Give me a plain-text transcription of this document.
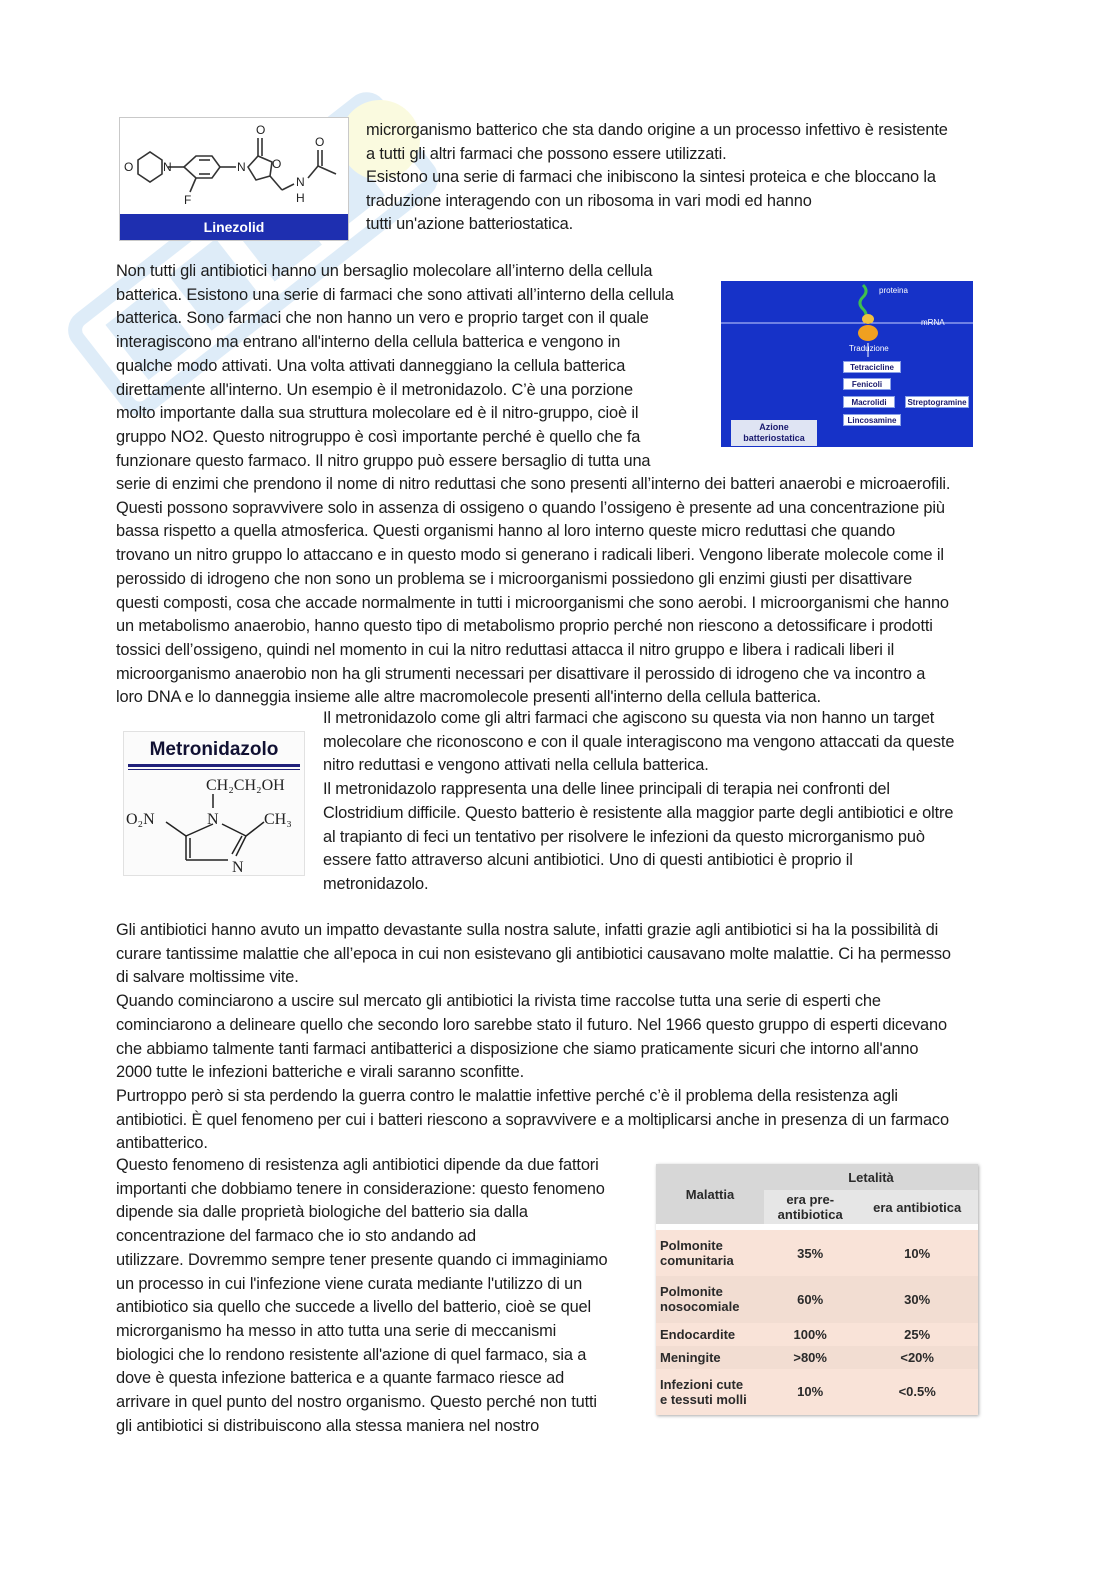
O N
F
N
O
O
N
H
O
Linezolid

microrganismo batterico che sta dando origine a un processo infettivo è resistente
a tutti gli altri farmaci che possono essere utilizzati.

Esistono una serie di farmaci che inibiscono la sintesi proteica e che bloccano la
traduzione interagendo con un ribosoma in vari modi ed hanno
tutti un'azione batteriostatica.

proteina
mRNA
Traduzione
Tetracicline
Fenicoli
Macrolidi	Streptogramine
Lincosamine
Azione
batteriostatica

Non tutti gli antibiotici hanno un bersaglio molecolare all’interno della cellula
batterica. Esistono una serie di farmaci che sono attivati all’interno della cellula
batterica. Sono farmaci che non hanno un vero e proprio target con il quale
interagiscono ma entrano all'interno della cellula batterica e vengono in
qualche modo attivati. Una volta attivati danneggiano la cellula batterica
direttamente all'interno. Un esempio è il metronidazolo. C’è una porzione
molto importante dalla sua struttura molecolare ed è il nitro-gruppo, cioè il
gruppo NO2. Questo nitrogruppo è così importante perché è quello che fa
funzionare questo farmaco. Il nitro gruppo può essere bersaglio di tutta una

serie di enzimi che prendono il nome di nitro reduttasi che sono presenti all’interno dei batteri anaerobi e microaerofili.
Questi possono sopravvivere solo in assenza di ossigeno o quando l’ossigeno è presente ad una concentrazione più
bassa rispetto a quella atmosferica. Questi organismi hanno al loro interno queste micro reduttasi che quando
trovano un nitro gruppo lo attaccano e in questo modo si generano i radicali liberi. Vengono liberate molecole come il
perossido di idrogeno che non sono un problema se i microorganismi possiedono gli enzimi giusti per disattivare
questi composti, cosa che accade normalmente in tutti i microorganismi che sono aerobi. I microorganismi che hanno
un metabolismo anaerobio, hanno questo tipo di metabolismo proprio perché non riescono a detossificare i prodotti
tossici dell’ossigeno, quindi nel momento in cui la nitro reduttasi attacca il nitro gruppo e libera i radicali liberi il
microorganismo anaerobio non ha gli strumenti necessari per disattivare il perossido di idrogeno che va incontro a
loro DNA e lo danneggia insieme alle altre macromolecole presenti all'interno della cellula batterica.

Metronidazolo
CH₂CH₂OH
O₂N	N
N
CH₃

Il metronidazolo come gli altri farmaci che agiscono su questa via non hanno un target
molecolare che riconoscono e con il quale interagiscono ma vengono attaccati da queste
nitro reduttasi e vengono attivati nella cellula batterica.
Il metronidazolo rappresenta una delle linee principali di terapia nei confronti del
Clostridium difficile. Questo batterio è resistente alla maggior parte degli antibiotici e oltre
al trapianto di feci un tentativo per risolvere le infezioni da questo microrganismo può
essere fatto attraverso alcuni antibiotici. Uno di questi antibiotici è proprio il
metronidazolo.

Gli antibiotici hanno avuto un impatto devastante sulla nostra salute, infatti grazie agli antibiotici si ha la possibilità di
curare tantissime malattie che all’epoca in cui non esistevano gli antibiotici causavano molte malattie. Ci ha permesso
di salvare moltissime vite.
Quando cominciarono a uscire sul mercato gli antibiotici la rivista time raccolse tutta una serie di esperti che
cominciarono a delineare quello che secondo loro sarebbe stato il futuro. Nel 1966 questo gruppo di esperti dicevano
che abbiamo talmente tanti farmaci antibatterici a disposizione che siamo praticamente sicuri che intorno all'anno
2000 tutte le infezioni batteriche e virali saranno sconfitte.
Purtroppo però si sta perdendo la guerra contro le malattie infettive perché c’è il problema della resistenza agli
antibiotici. È quel fenomeno per cui i batteri riescono a sopravvivere e a moltiplicarsi anche in presenza di un farmaco
antibatterico.

Questo fenomeno di resistenza agli antibiotici dipende da due fattori
importanti che dobbiamo tenere in considerazione: questo fenomeno
dipende sia dalle proprietà biologiche del batterio sia dalla
concentrazione del farmaco che io sto andando ad
utilizzare. Dovremmo sempre tener presente quando ci immaginiamo
un processo in cui l'infezione viene curata mediante l'utilizzo di un
antibiotico sia quello che succede a livello del batterio, cioè se quel
microrganismo ha messo in atto tutta una serie di meccanismi
biologici che lo rendono resistente all'azione di quel farmaco, sia a
dove è questa infezione batterica e a quante farmaco riesce ad
arrivare in quel punto del nostro organismo. Questo perché non tutti
gli antibiotici si distribuiscono alla stessa maniera nel nostro

Malattia	Letalità	
	era pre-
antibiotica	era antibiotica

Polmonite
comunitaria	35%	10%
Polmonite
nosocomiale	60%	30%
Endocardite	100%	25%
Meningite	>80%	<20%
Infezioni cute
e tessuti molli	10%	<0.5%
